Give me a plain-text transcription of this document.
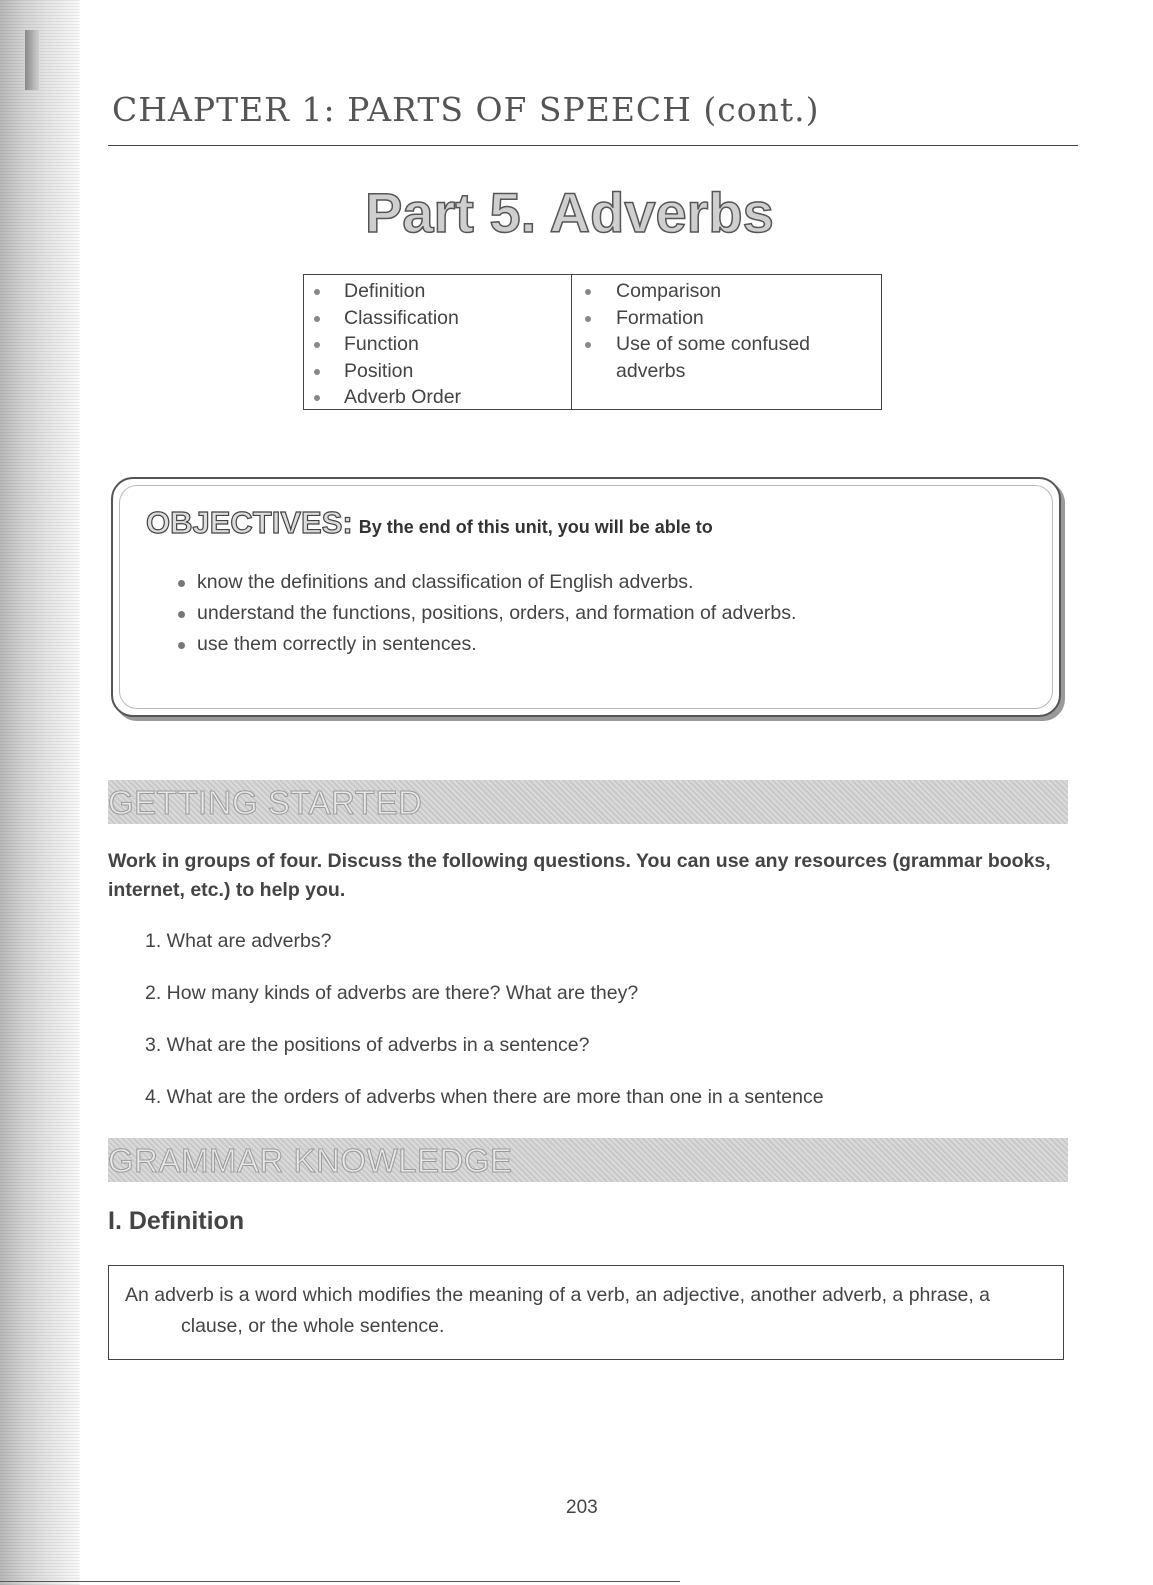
CHAPTER 1: PARTS OF SPEECH (cont.)
Part 5. Adverbs
Definition
Classification
Function
Position
Adverb Order
Comparison
Formation
Use of some confused adverbs
OBJECTIVES: By the end of this unit, you will be able to
know the definitions and classification of English adverbs.
understand the functions, positions, orders, and formation of adverbs.
use them correctly in sentences.
GETTING STARTED
Work in groups of four. Discuss the following questions. You can use any resources (grammar books, internet, etc.) to help you.
1. What are adverbs?
2. How many kinds of adverbs are there? What are they?
3. What are the positions of adverbs in a sentence?
4. What are the orders of adverbs when there are more than one in a sentence
GRAMMAR KNOWLEDGE
I. Definition

An adverb is a word which modifies the meaning of a verb, an adjective, another adverb, a phrase, a clause, or the whole sentence.

203
